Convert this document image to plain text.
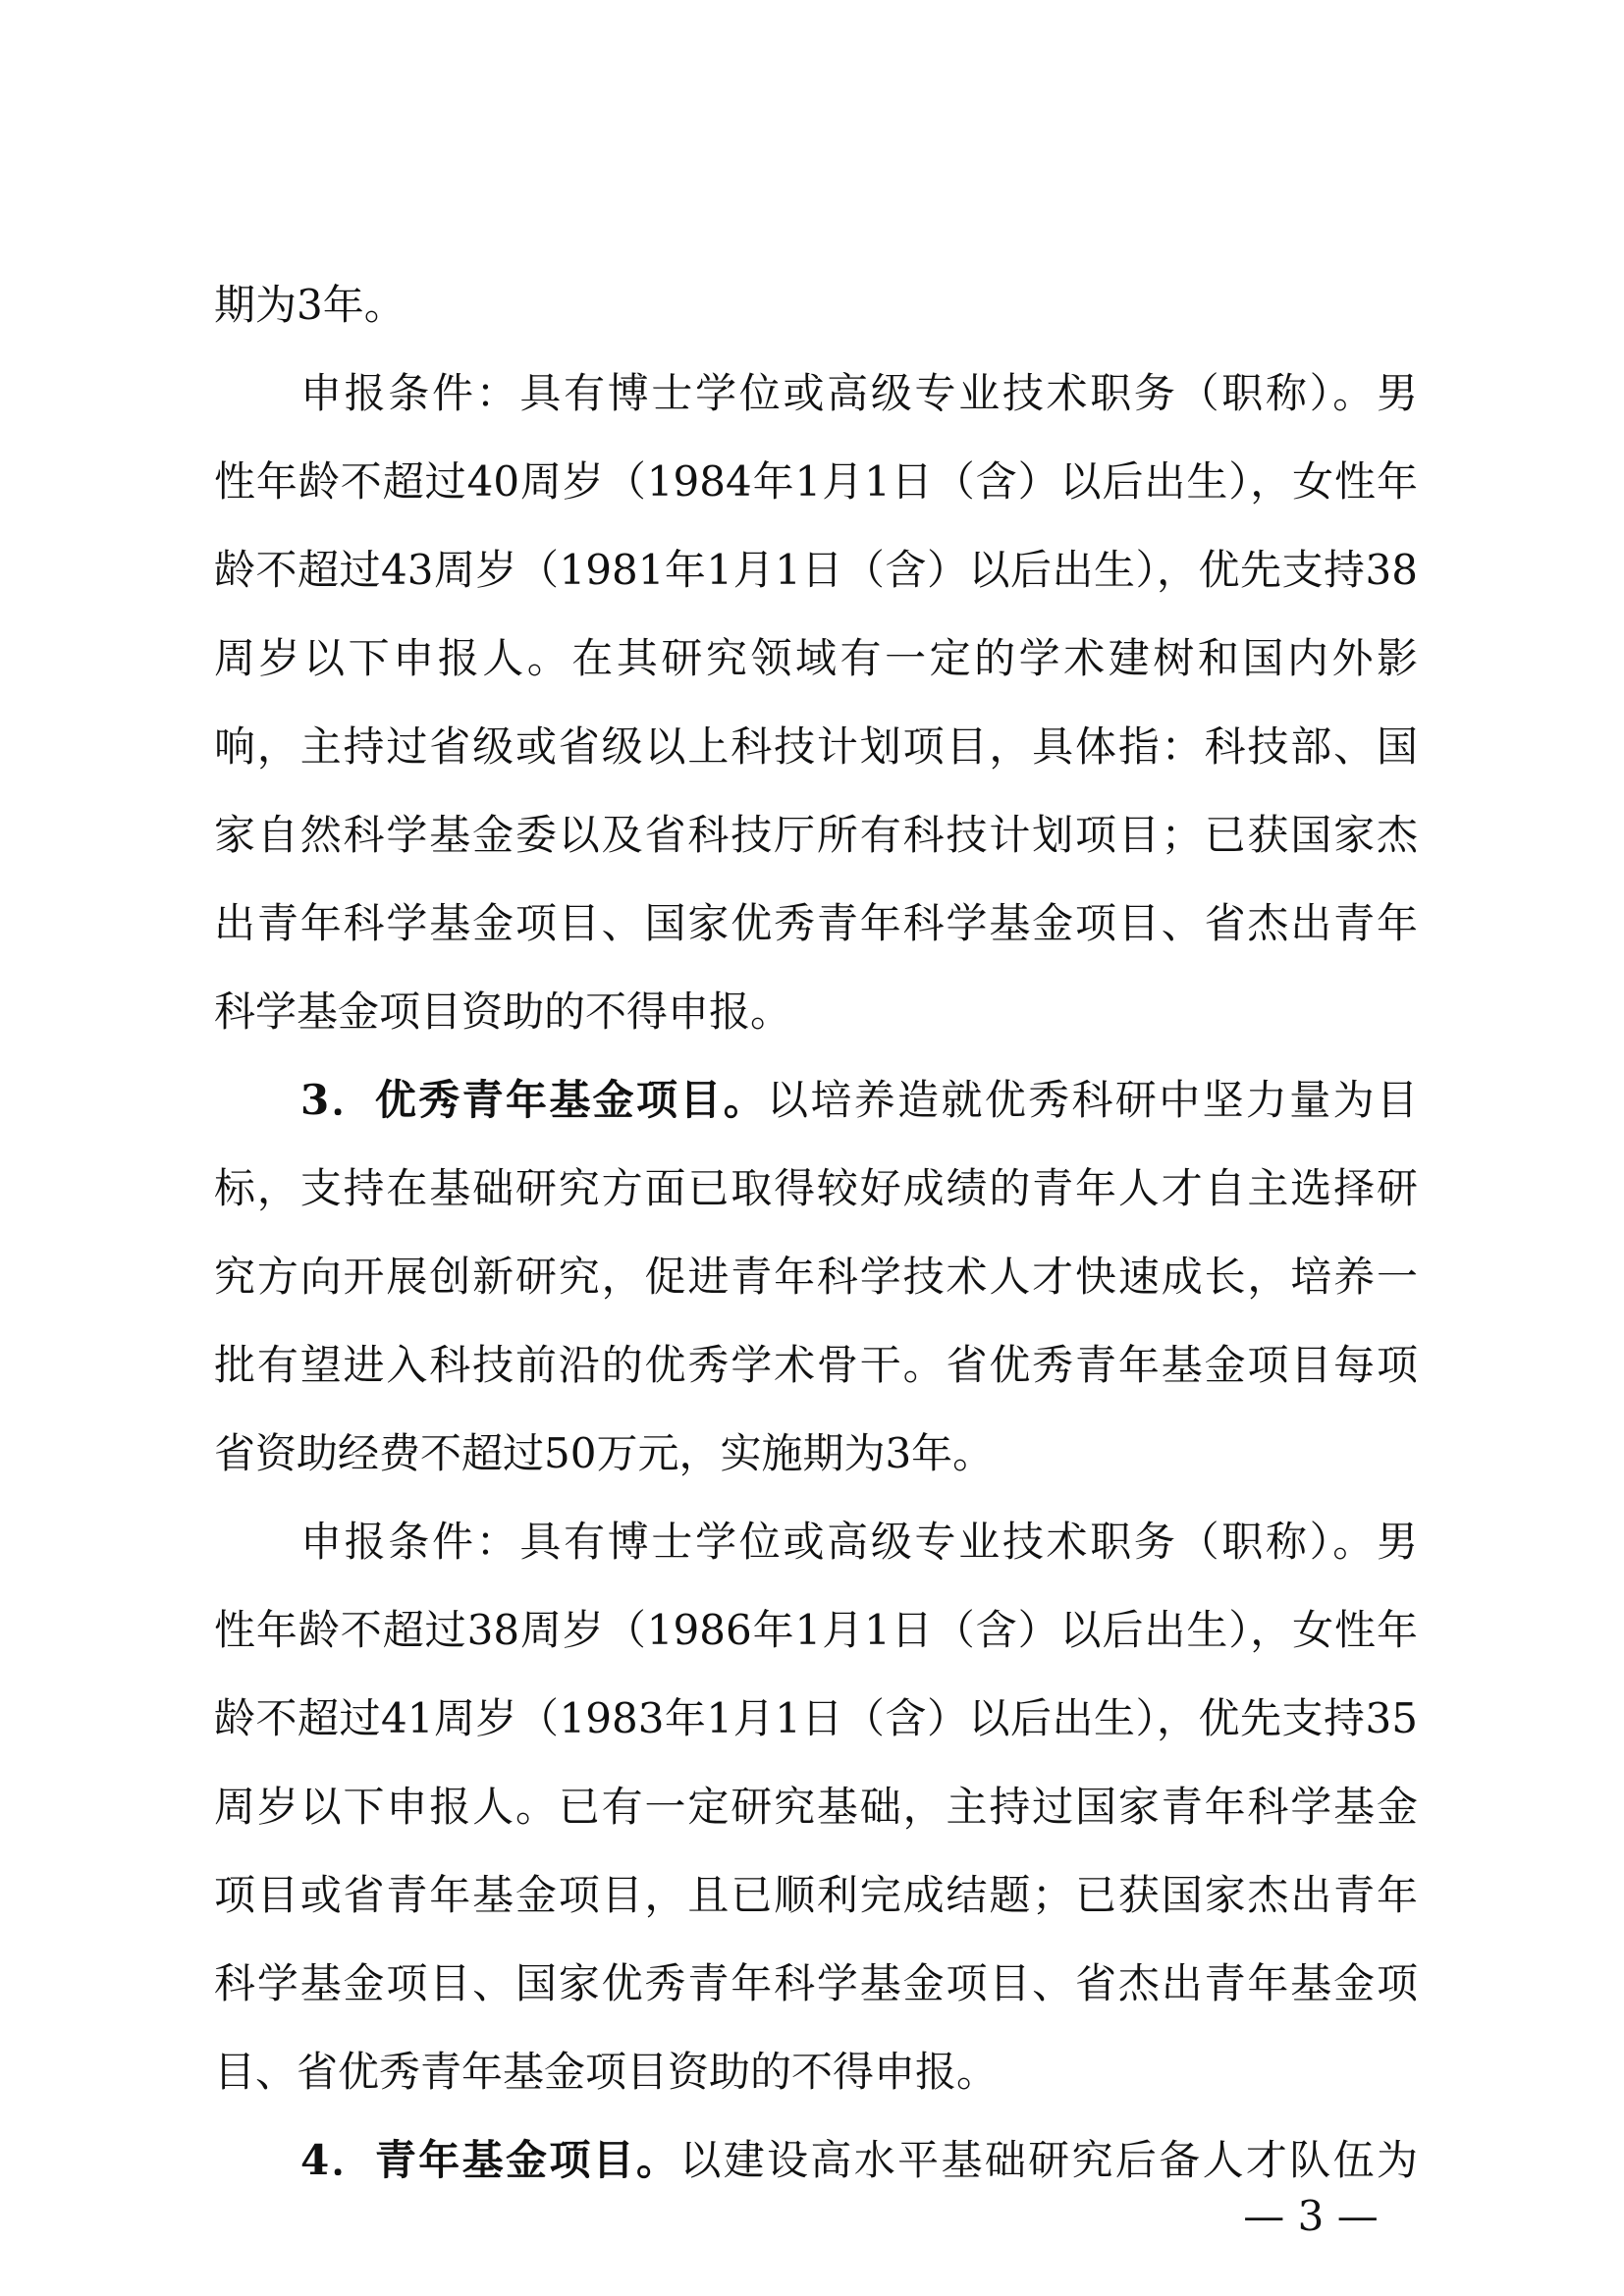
期为3年。
申报条件：具有博士学位或高级专业技术职务（职称）。男
性年龄不超过40周岁（1984年1月1日（含）以后出生），女性年
龄不超过43周岁（1981年1月1日（含）以后出生），优先支持38
周岁以下申报人。在其研究领域有一定的学术建树和国内外影
响，主持过省级或省级以上科技计划项目，具体指：科技部、国
家自然科学基金委以及省科技厅所有科技计划项目；已获国家杰
出青年科学基金项目、国家优秀青年科学基金项目、省杰出青年
科学基金项目资助的不得申报。
3．优秀青年基金项目。以培养造就优秀科研中坚力量为目
标，支持在基础研究方面已取得较好成绩的青年人才自主选择研
究方向开展创新研究，促进青年科学技术人才快速成长，培养一
批有望进入科技前沿的优秀学术骨干。省优秀青年基金项目每项
省资助经费不超过50万元，实施期为3年。
申报条件：具有博士学位或高级专业技术职务（职称）。男
性年龄不超过38周岁（1986年1月1日（含）以后出生），女性年
龄不超过41周岁（1983年1月1日（含）以后出生），优先支持35
周岁以下申报人。已有一定研究基础，主持过国家青年科学基金
项目或省青年基金项目，且已顺利完成结题；已获国家杰出青年
科学基金项目、国家优秀青年科学基金项目、省杰出青年基金项
目、省优秀青年基金项目资助的不得申报。
4．青年基金项目。以建设高水平基础研究后备人才队伍为
— 3 —
